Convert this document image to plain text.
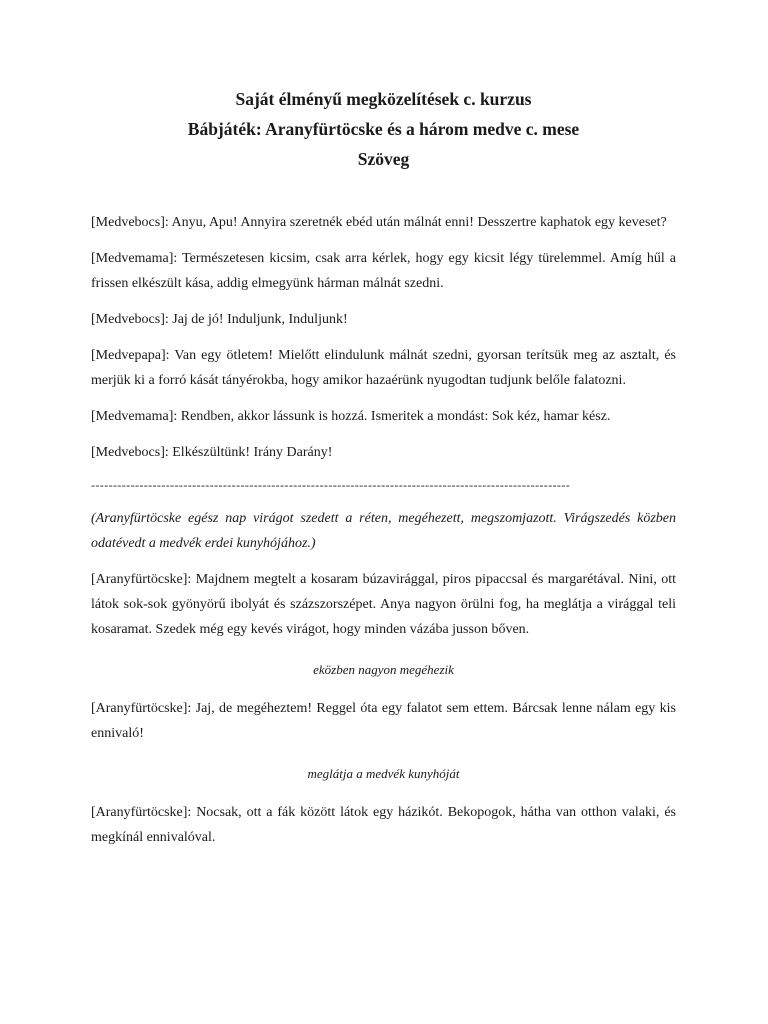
Saját élményű megközelítések c. kurzus
Bábjáték: Aranyfürtöcske és a három medve c. mese
Szöveg

[Medvebocs]: Anyu, Apu! Annyira szeretnék ebéd után málnát enni! Desszertre kaphatok egy keveset?

[Medvemama]: Természetesen kicsim, csak arra kérlek, hogy egy kicsit légy türelemmel. Amíg hűl a frissen elkészült kása, addig elmegyünk hárman málnát szedni.

[Medvebocs]: Jaj de jó! Induljunk, Induljunk!

[Medvepapa]: Van egy ötletem! Mielőtt elindulunk málnát szedni, gyorsan terítsük meg az asztalt, és merjük ki a forró kását tányérokba, hogy amikor hazaérünk nyugodtan tudjunk belőle falatozni.

[Medvemama]: Rendben, akkor lássunk is hozzá. Ismeritek a mondást: Sok kéz, hamar kész.

[Medvebocs]: Elkészültünk! Irány Darány!

-------------------------------------------------------------------------------------------------------------

(Aranyfürtöcske egész nap virágot szedett a réten, megéhezett, megszomjazott. Virágszedés közben odatévedt a medvék erdei kunyhójához.)

[Aranyfürtöcske]: Majdnem megtelt a kosaram búzavirággal, piros pipaccsal és margarétával. Nini, ott látok sok-sok gyönyörű ibolyát és százszorszépet. Anya nagyon örülni fog, ha meglátja a virággal teli kosaramat. Szedek még egy kevés virágot, hogy minden vázába jusson bőven.

eközben nagyon megéhezik

[Aranyfürtöcske]: Jaj, de megéheztem! Reggel óta egy falatot sem ettem. Bárcsak lenne nálam egy kis ennivaló!

meglátja a medvék kunyhóját

[Aranyfürtöcske]: Nocsak, ott a fák között látok egy házikót. Bekopogok, hátha van otthon valaki, és megkínál ennivalóval.
